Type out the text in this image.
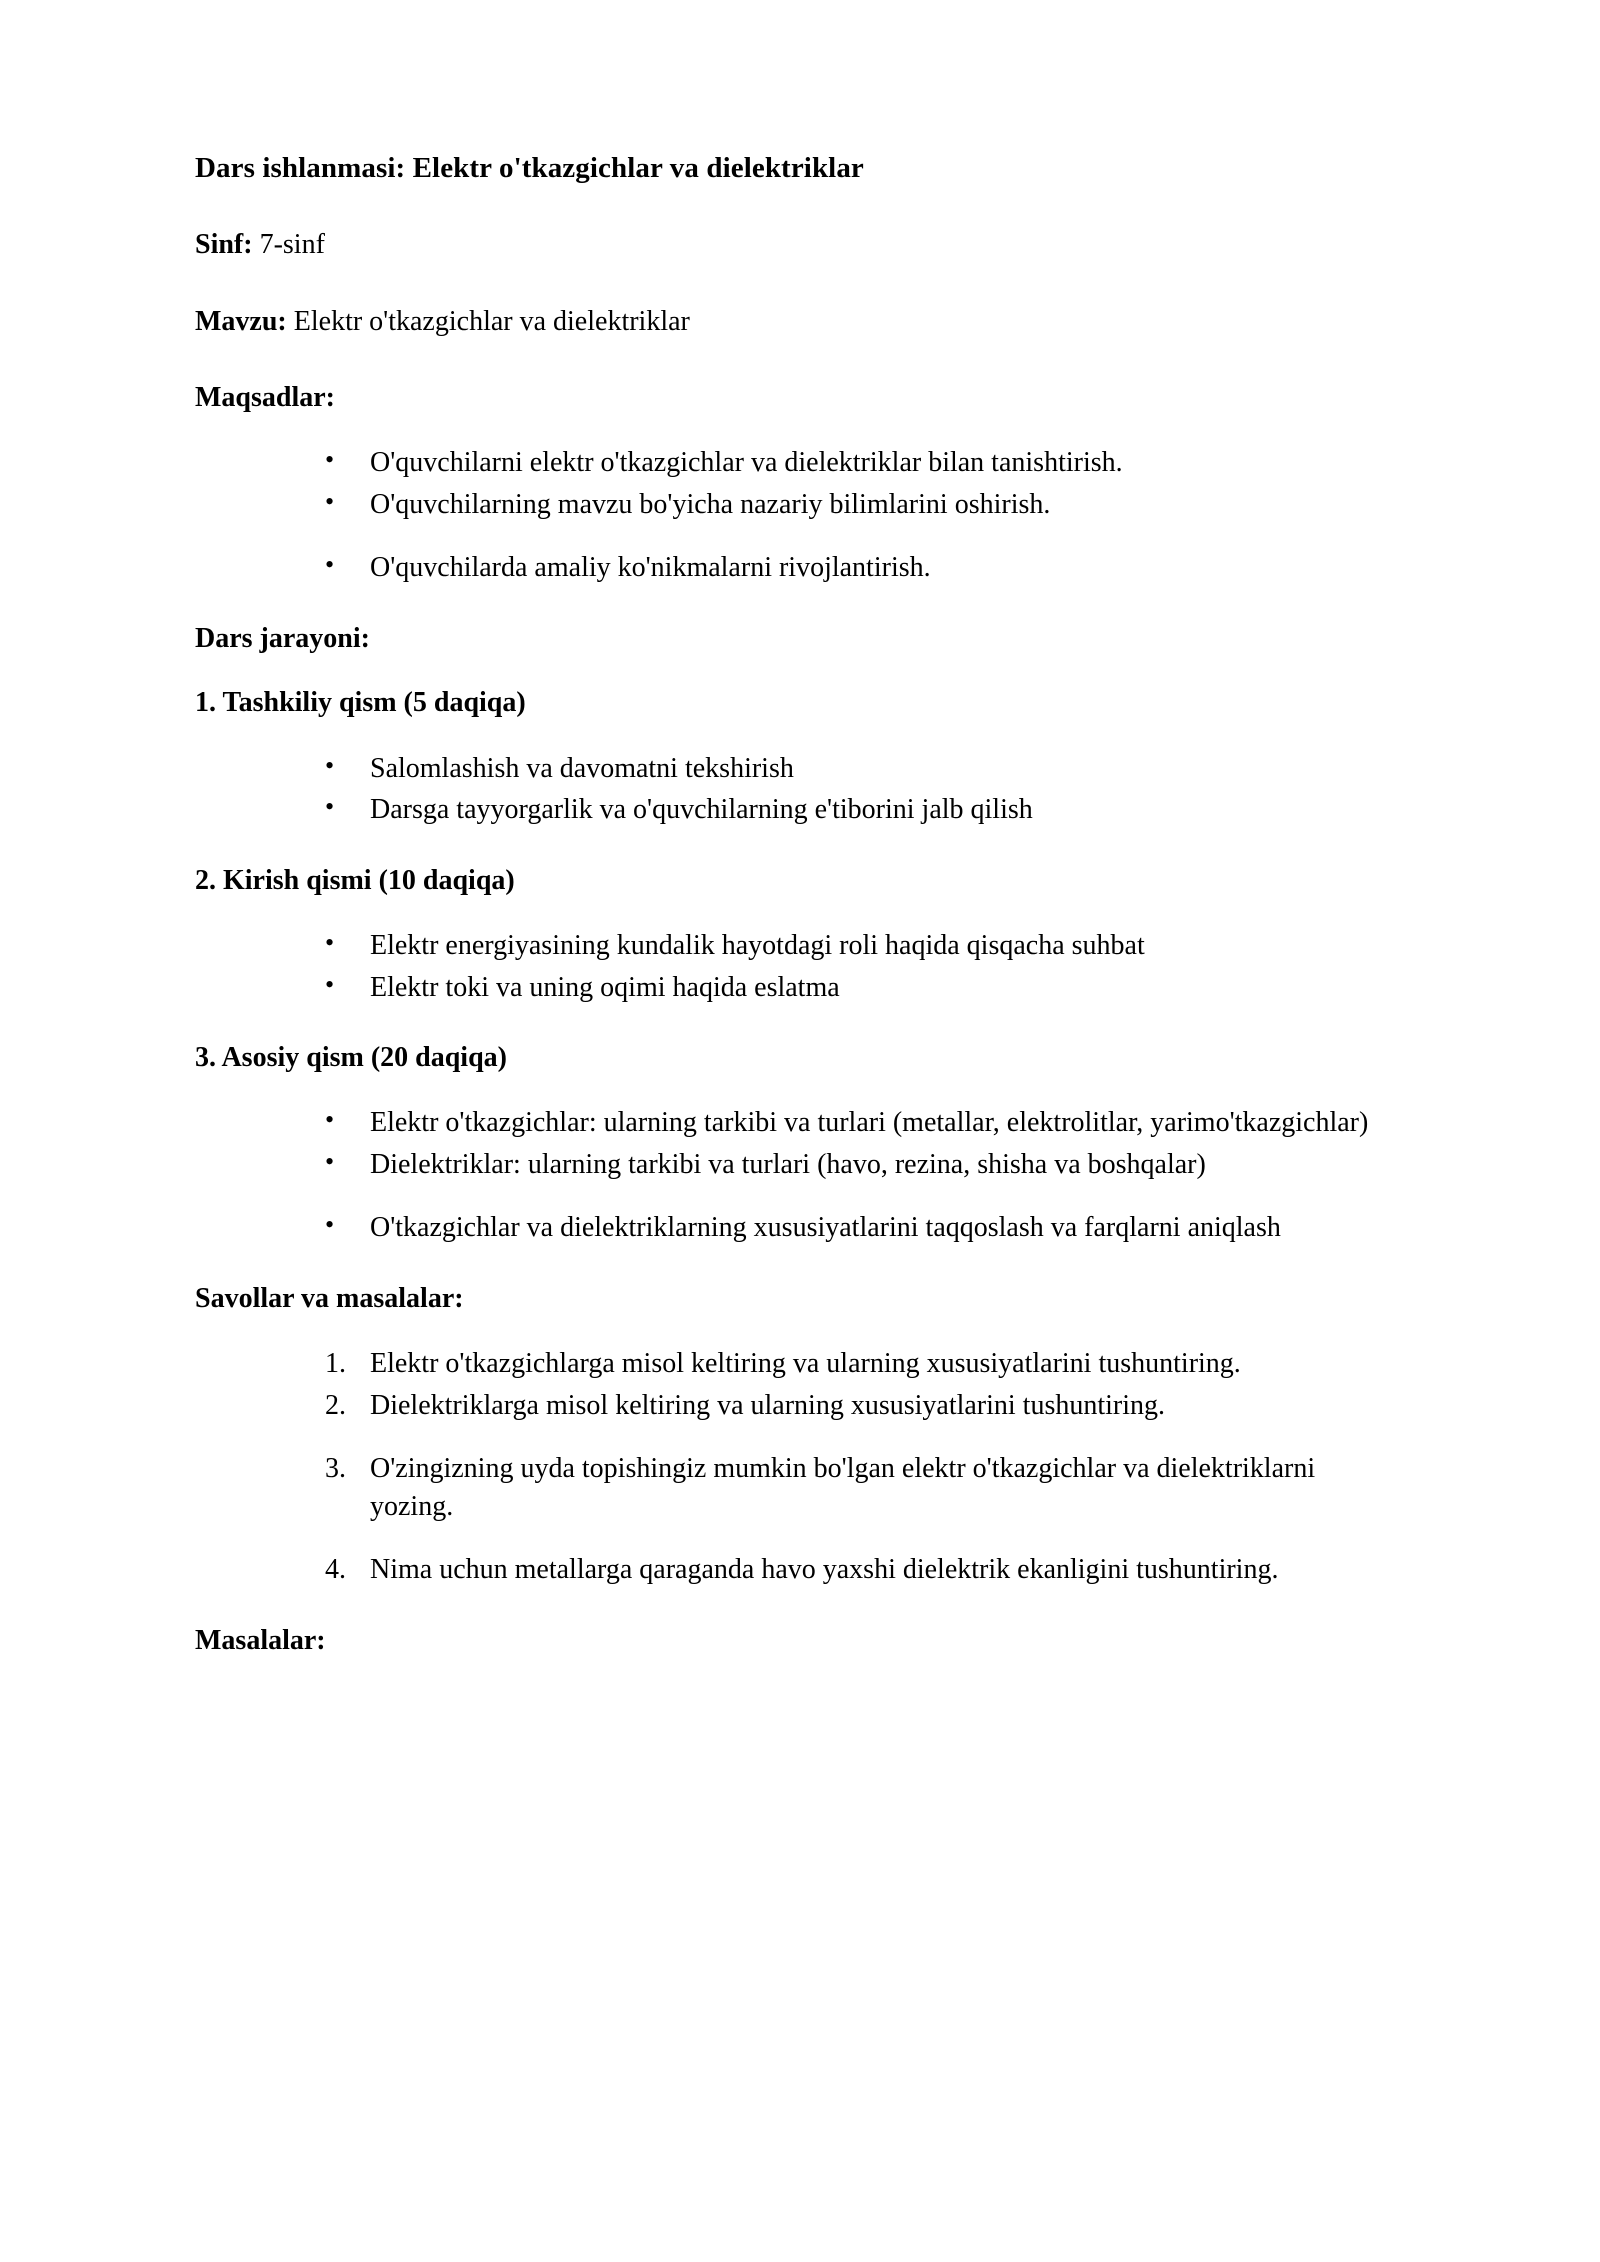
Dars ishlanmasi: Elektr o'tkazgichlar va dielektriklar

Sinf: 7-sinf

Mavzu: Elektr o'tkazgichlar va dielektriklar

Maqsadlar:
• O'quvchilarni elektr o'tkazgichlar va dielektriklar bilan tanishtirish.
• O'quvchilarning mavzu bo'yicha nazariy bilimlarini oshirish.
• O'quvchilarda amaliy ko'nikmalarni rivojlantirish.
Dars jarayoni:
1. Tashkiliy qism (5 daqiqa)
• Salomlashish va davomatni tekshirish
• Darsga tayyorgarlik va o'quvchilarning e'tiborini jalb qilish
2. Kirish qismi (10 daqiqa)
• Elektr energiyasining kundalik hayotdagi roli haqida qisqacha suhbat
• Elektr toki va uning oqimi haqida eslatma
3. Asosiy qism (20 daqiqa)
• Elektr o'tkazgichlar: ularning tarkibi va turlari (metallar, elektrolitlar, yarimo'tkazgichlar)
• Dielektriklar: ularning tarkibi va turlari (havo, rezina, shisha va boshqalar)
• O'tkazgichlar va dielektriklarning xususiyatlarini taqqoslash va farqlarni aniqlash
Savollar va masalalar:
Elektr o'tkazgichlarga misol keltiring va ularning xususiyatlarini tushuntiring.
Dielektriklarga misol keltiring va ularning xususiyatlarini tushuntiring.
O'zingizning uyda topishingiz mumkin bo'lgan elektr o'tkazgichlar va dielektriklarni yozing.
Nima uchun metallarga qaraganda havo yaxshi dielektrik ekanligini tushuntiring.
Masalalar:
